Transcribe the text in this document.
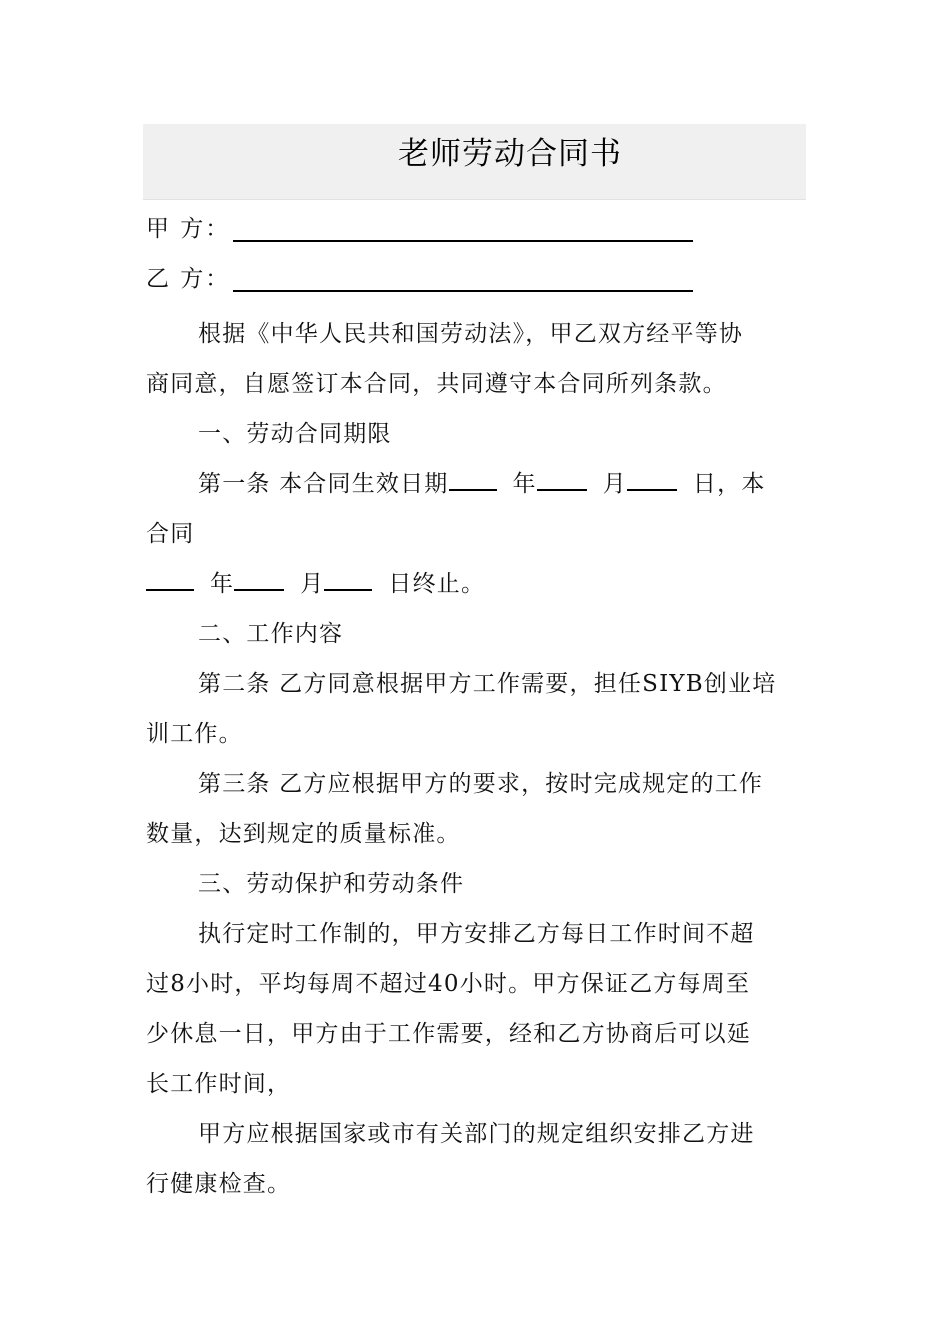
老师劳动合同书
甲 方：
乙 方：

根据《中华人民共和国劳动法》，甲乙双方经平等协

商同意，自愿签订本合同，共同遵守本合同所列条款。

一、劳动合同期限

第一条 本合同生效日期	年	月	日，本

合同

年	月	日终止。

二、工作内容

第二条 乙方同意根据甲方工作需要，担任SIYB创业培

训工作。

第三条 乙方应根据甲方的要求，按时完成规定的工作

数量，达到规定的质量标准。

三、劳动保护和劳动条件

执行定时工作制的，甲方安排乙方每日工作时间不超

过8小时，平均每周不超过40小时。甲方保证乙方每周至

少休息一日，甲方由于工作需要，经和乙方协商后可以延

长工作时间，

甲方应根据国家或市有关部门的规定组织安排乙方进

行健康检查。
